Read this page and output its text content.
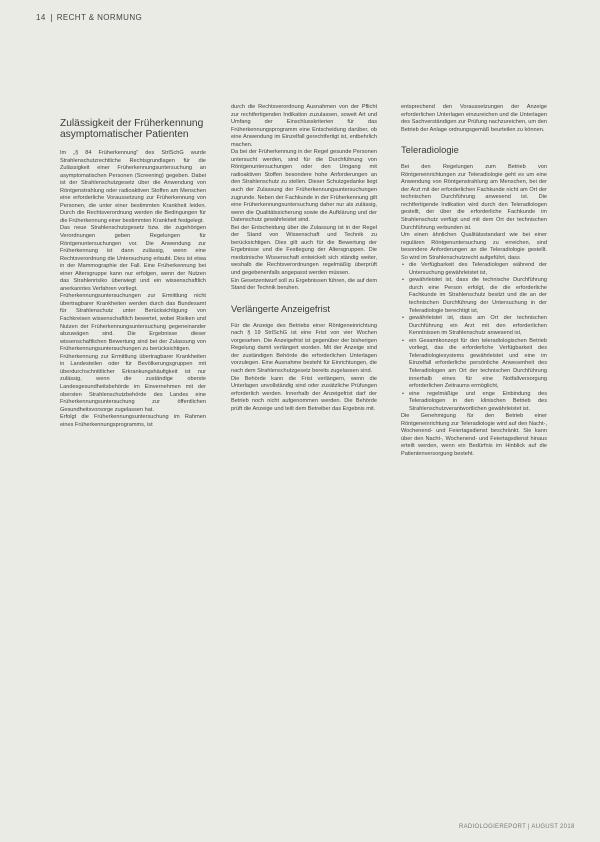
14 RECHT & NORMUNG
Zulässigkeit der Früherkennung asymptomatischer Patienten

Im „§ 84 Früherkennung“ des StrlSchG wurde Strahlenschutzrechtliche Rechtsgrundlagen für die Zulässigkeit einer Früherkennungsuntersuchung an asymptomatischen Personen (Screening) gegeben. Dabei ist der Strahlenschutzgesetz über die Anwendung von Röntgenstrahlung oder radioaktiven Stoffen am Menschen eine erforderliche Voraussetzung zur Früherkennung von Personen, die unter einer bestimmten Krankheit leiden. Durch die Rechtsverordnung werden die Bedingungen für die Früherkennung einer bestimmten Krankheit festgelegt.

Das neue Strahlenschutzgesetz bzw. die zugehörigen Verordnungen geben Regelungen für Röntgenuntersuchungen vor. Die Anwendung zur Früherkennung ist dann zulässig, wenn eine Rechtsverordnung die Untersuchung erlaubt. Dies ist etwa in der Mammographie der Fall. Eine Früherkennung bei einer Altersgruppe kann nur erfolgen, wenn der Nutzen das Strahlenrisiko überwiegt und ein wissenschaftlich anerkanntes Verfahren vorliegt.

Früherkennungsuntersuchungen zur Ermittlung nicht übertragbarer Krankheiten werden durch das Bundesamt für Strahlenschutz unter Berücksichtigung von Fachkreisen wissenschaftlich bewertet, wobei Risiken und Nutzen der Früherkennungsuntersuchung gegeneinander abzuwägen sind. Die Ergebnisse dieser wissenschaftlichen Bewertung sind bei der Zulassung von Früherkennungsuntersuchungen zu berücksichtigen.

Früherkennung zur Ermittlung übertragbarer Krankheiten in Landesteilen oder für Bevölkerungsgruppen mit überdurchschnittlicher Erkrankungshäufigkeit ist nur zulässig, wenn die zuständige oberste Landesgesundheitsbehörde im Einvernehmen mit der obersten Strahlenschutzbehörde des Landes eine Früherkennungsuntersuchung zur öffentlichen Gesundheitsvorsorge zugelassen hat.

Erfolgt die Früherkennungsuntersuchung im Rahmen eines Früherkennungsprogramms, ist

durch die Rechtsverordnung Ausnahmen von der Pflicht zur rechtfertigenden Indikation zuzulassen, soweit Art und Umfang der Einschlusskriterien für das Früherkennungsprogramm eine Entscheidung darüber, ob eine Anwendung im Einzelfall gerechtfertigt ist, entbehrlich machen.

Da bei der Früherkennung in der Regel gesunde Personen untersucht werden, sind für die Durchführung von Röntgenuntersuchungen oder den Umgang mit radioaktiven Stoffen besondere hohe Anforderungen an den Strahlenschutz zu stellen. Dieser Schutzgedanke liegt auch der Zulassung der Früherkennungsuntersuchungen zugrunde. Neben der Fachkunde in der Früherkennung gilt eine Früherkennungsuntersuchung daher nur als zulässig, wenn die Qualitätssicherung sowie die Aufklärung und der Datenschutz gewährleistet sind.

Bei der Entscheidung über die Zulassung ist in der Regel der Stand von Wissenschaft und Technik zu berücksichtigen. Dies gilt auch für die Bewertung der Ergebnisse und die Festlegung der Altersgruppen. Die medizinische Wissenschaft entwickelt sich ständig weiter, weshalb die Rechtsverordnungen regelmäßig überprüft und gegebenenfalls angepasst werden müssen.

Ein Gesetzentwurf soll zu Ergebnissen führen, die auf dem Stand der Technik beruhen.

Verlängerte Anzeigefrist

Für die Anzeige des Betriebs einer Röntgeneinrichtung nach § 19 StrlSchG ist eine Frist von vier Wochen vorgesehen. Die Anzeigefrist ist gegenüber der bisherigen Regelung damit verlängert worden. Mit der Anzeige sind der zuständigen Behörde die erforderlichen Unterlagen vorzulegen. Eine Ausnahme besteht für Einrichtungen, die nach dem Strahlenschutzgesetz bereits zugelassen sind.

Die Behörde kann die Frist verlängern, wenn die Unterlagen unvollständig sind oder zusätzliche Prüfungen erforderlich werden. Innerhalb der Anzeigefrist darf der Betrieb noch nicht aufgenommen werden. Die Behörde prüft die Anzeige und teilt dem Betreiber das Ergebnis mit.

entsprechend den Voraussetzungen der Anzeige erforderlichen Unterlagen einzureichen und die Unterlagen des Sachverständigen zur Prüfung nachzureichen, um den Betrieb der Anlage ordnungsgemäß beurteilen zu können.

Teleradiologie

Bei den Regelungen zum Betrieb von Röntgeneinrichtungen zur Teleradiologie geht es um eine Anwendung von Röntgenstrahlung am Menschen, bei der der Arzt mit der erforderlichen Fachkunde nicht am Ort der technischen Durchführung anwesend ist. Die rechtfertigende Indikation wird durch den Teleradiologen gestellt, der über die erforderliche Fachkunde im Strahlenschutz verfügt und mit dem Ort der technischen Durchführung verbunden ist.

Um einen ähnlichen Qualitätsstandard wie bei einer regulären Röntgenuntersuchung zu erreichen, sind besondere Anforderungen an die Teleradiologie gestellt. So wird im Strahlenschutzrecht aufgeführt, dass

• die Verfügbarkeit des Teleradiologen während der Untersuchung gewährleistet ist,
• gewährleistet ist, dass die technische Durchführung durch eine Person erfolgt, die die erforderliche Fachkunde im Strahlenschutz besitzt und die an der technischen Durchführung der Untersuchung in der Teleradiologie berechtigt ist,
• gewährleistet ist, dass am Ort der technischen Durchführung ein Arzt mit den erforderlichen Kenntnissen im Strahlenschutz anwesend ist,
• ein Gesamtkonzept für den teleradiologischen Betrieb vorliegt, das die erforderliche Verfügbarkeit des Teleradiologiesystems gewährleistet und eine im Einzelfall erforderliche persönliche Anwesenheit des Teleradiologen am Ort der technischen Durchführung innerhalb eines für eine Notfallversorgung erforderlichen Zeitraums ermöglicht,
• eine regelmäßige und enge Einbindung des Teleradiologen in den klinischen Betrieb des Strahlenschutzverantwortlichen gewährleistet ist.

Die Genehmigung für den Betrieb einer Röntgeneinrichtung zur Teleradiologie wird auf den Nacht-, Wochenend- und Feiertagsdienst beschränkt. Sie kann über den Nacht-, Wochenend- und Feiertagsdienst hinaus erteilt werden, wenn ein Bedürfnis im Hinblick auf die Patientenversorgung besteht.

RADIOLOGIEREPORT | AUGUST 2018
